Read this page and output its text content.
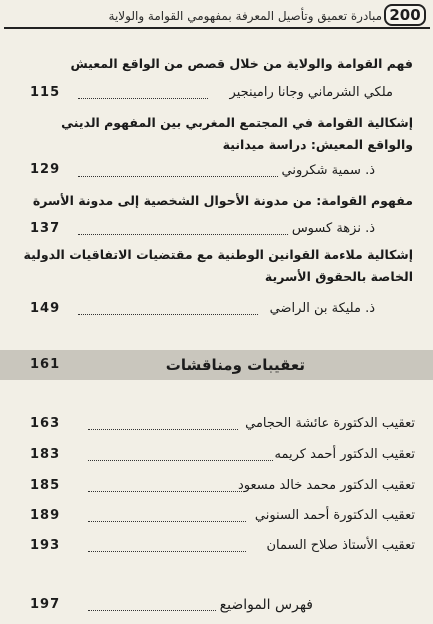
200
مبادرة تعميق وتأصيل المعرفة بمفهومي القوامة والولاية
فهم القوامة والولاية من خلال قصص من الواقع المعيش
ملكي الشرماني وجانا رامينجير
115
إشكالية القوامة في المجتمع المغربي بين المفهوم الديني والواقع المعيش: دراسة ميدانية
ذ. سمية شكروني
129
مفهوم القوامة: من مدونة الأحوال الشخصية إلى مدونة الأسرة
ذ. نزهة كسوس
137
إشكالية ملاءمة القوانين الوطنية مع مقتضيات الاتفاقيات الدولية الخاصة بالحقوق الأسرية
ذ. مليكة بن الراضي
149
تعقيبات ومناقشات
161
تعقيب الدكتورة عائشة الحجامي
163
تعقيب الدكتور أحمد كريمه
183
تعقيب الدكتور محمد خالد مسعود
185
تعقيب الدكتورة أحمد السنوني
189
تعقيب الأستاذ صلاح السمان
193
فهرس المواضيع
197
